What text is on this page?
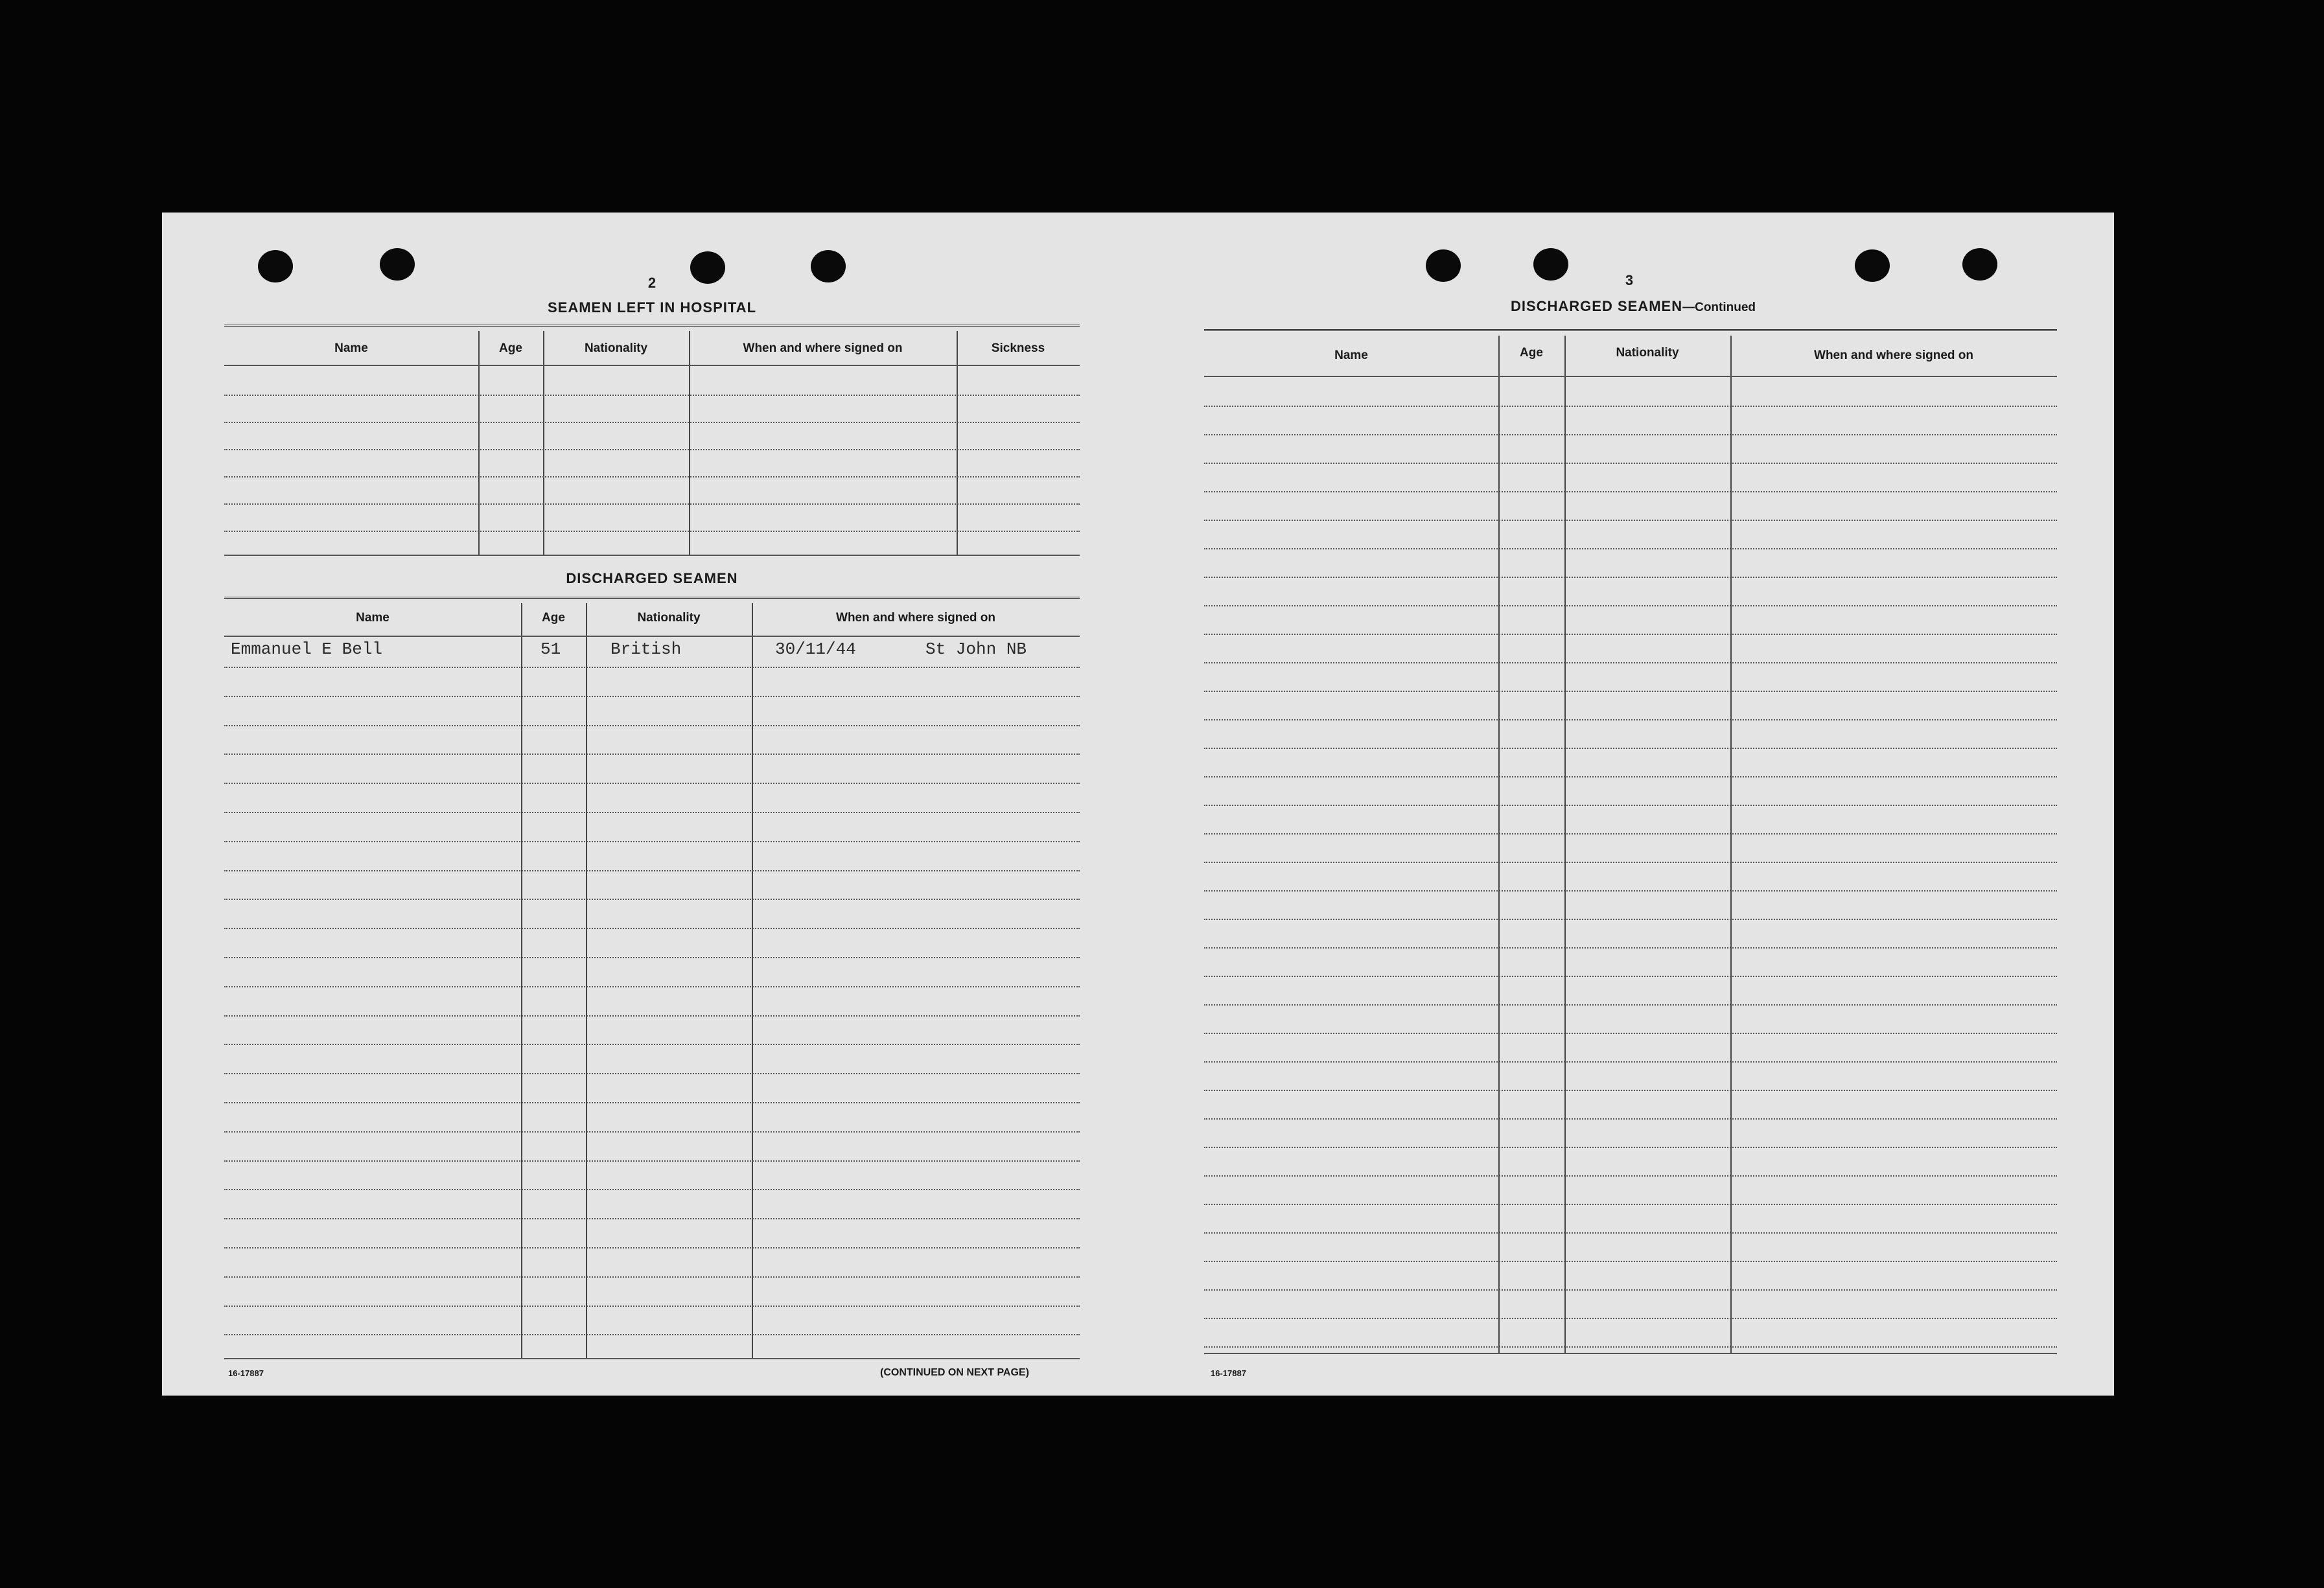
2
SEAMEN LEFT IN HOSPITAL
Name	Age	Nationality	When and where signed on	Sickness
DISCHARGED SEAMEN
Name	Age	Nationality	When and where signed on
Emmanuel E Bell	51	British	30/11/44	St John NB
16-17887	(CONTINUED ON NEXT PAGE)
3
DISCHARGED SEAMEN—Continued
Name	Age	Nationality	When and where signed on
16-17887
